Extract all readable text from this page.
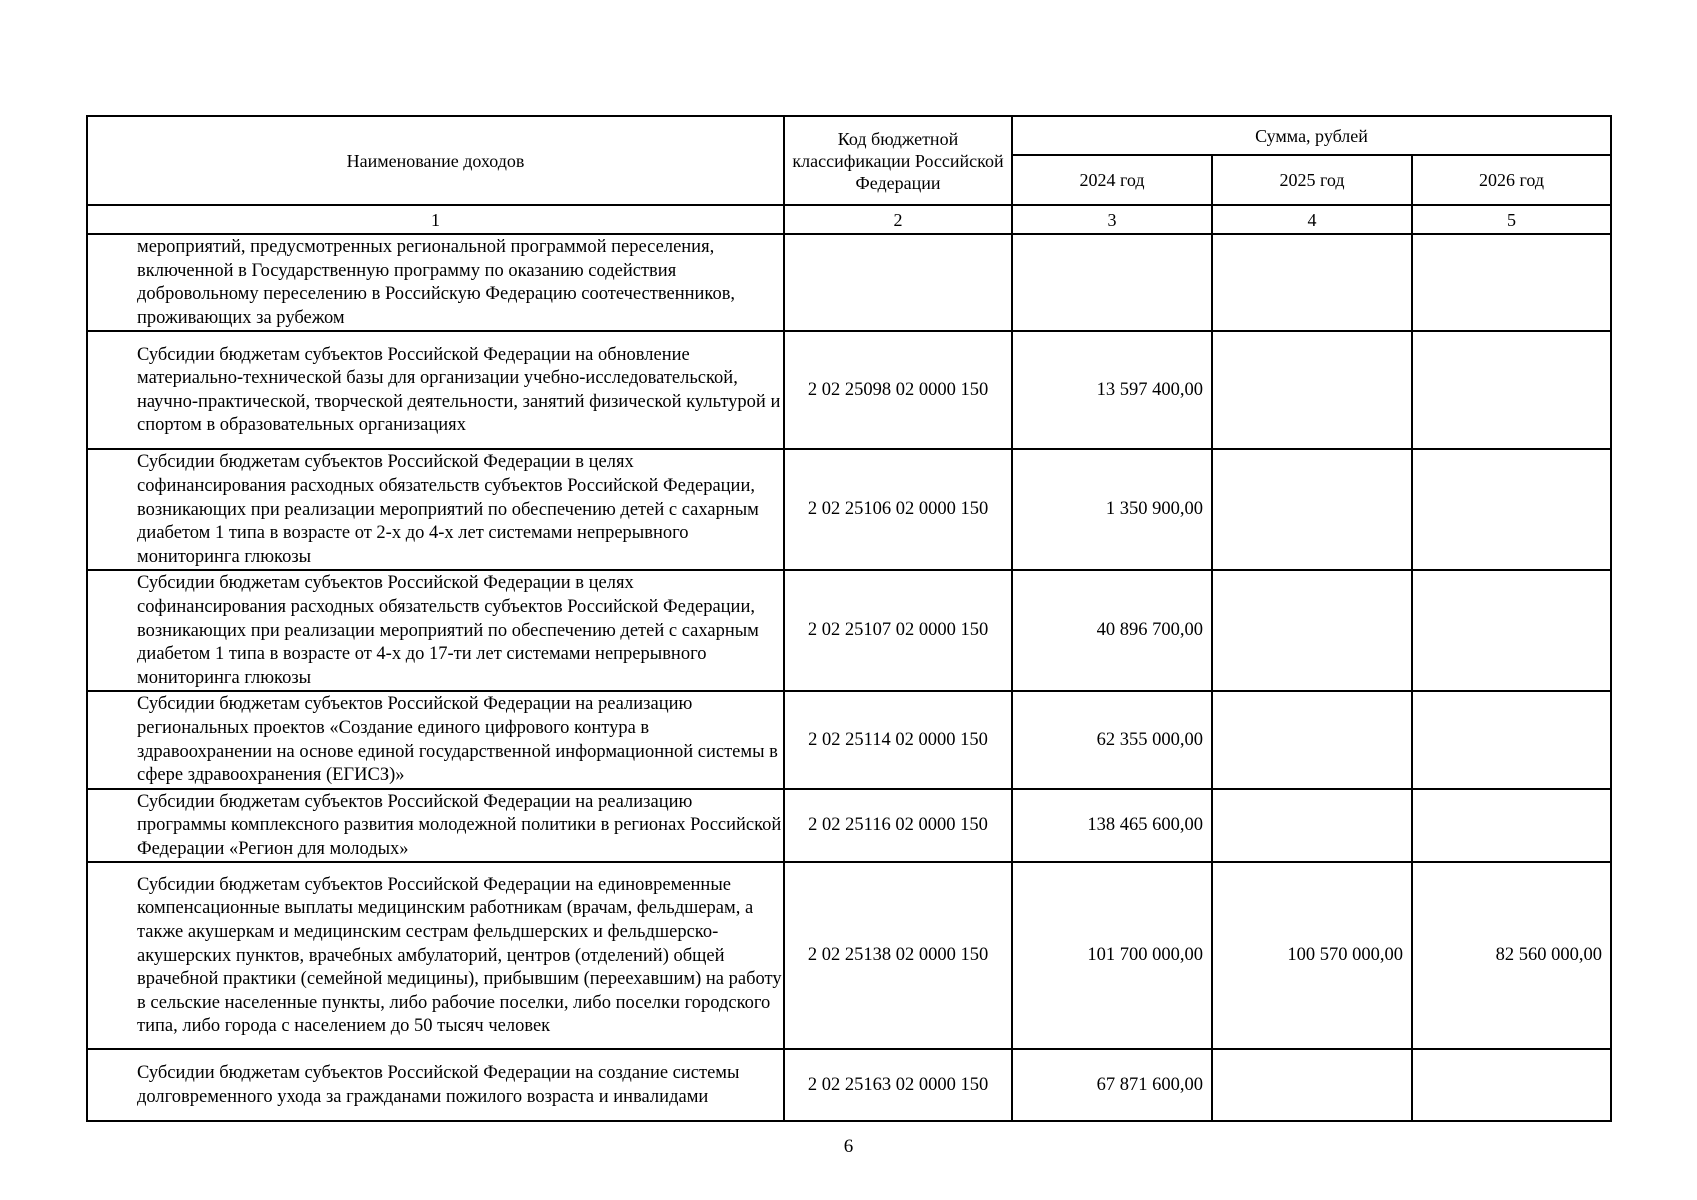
Наименование доходов	Код бюджетной классификации Российской Федерации	Сумма, рублей		
		2024 год	2025 год	2026 год
1	2	3	4	5
мероприятий, предусмотренных региональной программой переселения, включенной в Государственную программу по оказанию содействия добровольному переселению в Российскую Федерацию соотечественников, проживающих за рубежом				
Субсидии бюджетам субъектов Российской Федерации на обновление материально-технической базы для организации учебно-исследовательской, научно-практической, творческой деятельности, занятий физической культурой и спортом в образовательных организациях	2 02 25098 02 0000 150	13 597 400,00		
Субсидии бюджетам субъектов Российской Федерации в целях софинансирования расходных обязательств субъектов Российской Федерации, возникающих при реализации мероприятий по обеспечению детей с сахарным диабетом 1 типа в возрасте от 2-х до 4-х лет системами непрерывного мониторинга глюкозы	2 02 25106 02 0000 150	1 350 900,00		
Субсидии бюджетам субъектов Российской Федерации в целях софинансирования расходных обязательств субъектов Российской Федерации, возникающих при реализации мероприятий по обеспечению детей с сахарным диабетом 1 типа в возрасте от 4-х до 17-ти лет системами непрерывного мониторинга глюкозы	2 02 25107 02 0000 150	40 896 700,00		
Субсидии бюджетам субъектов Российской Федерации на реализацию региональных проектов «Создание единого цифрового контура в здравоохранении на основе единой государственной информационной системы в сфере здравоохранения (ЕГИСЗ)»	2 02 25114 02 0000 150	62 355 000,00		
Субсидии бюджетам субъектов Российской Федерации на реализацию программы комплексного развития молодежной политики в регионах Российской Федерации «Регион для молодых»	2 02 25116 02 0000 150	138 465 600,00		
Субсидии бюджетам субъектов Российской Федерации на единовременные компенсационные выплаты медицинским работникам (врачам, фельдшерам, а также акушеркам и медицинским сестрам фельдшерских и фельдшерско-акушерских пунктов, врачебных амбулаторий, центров (отделений) общей врачебной практики (семейной медицины), прибывшим (переехавшим) на работу в сельские населенные пункты, либо рабочие поселки, либо поселки городского типа, либо города с населением до 50 тысяч человек	2 02 25138 02 0000 150	101 700 000,00	100 570 000,00	82 560 000,00
Субсидии бюджетам субъектов Российской Федерации на создание системы долговременного ухода за гражданами пожилого возраста и инвалидами	2 02 25163 02 0000 150	67 871 600,00		
6
